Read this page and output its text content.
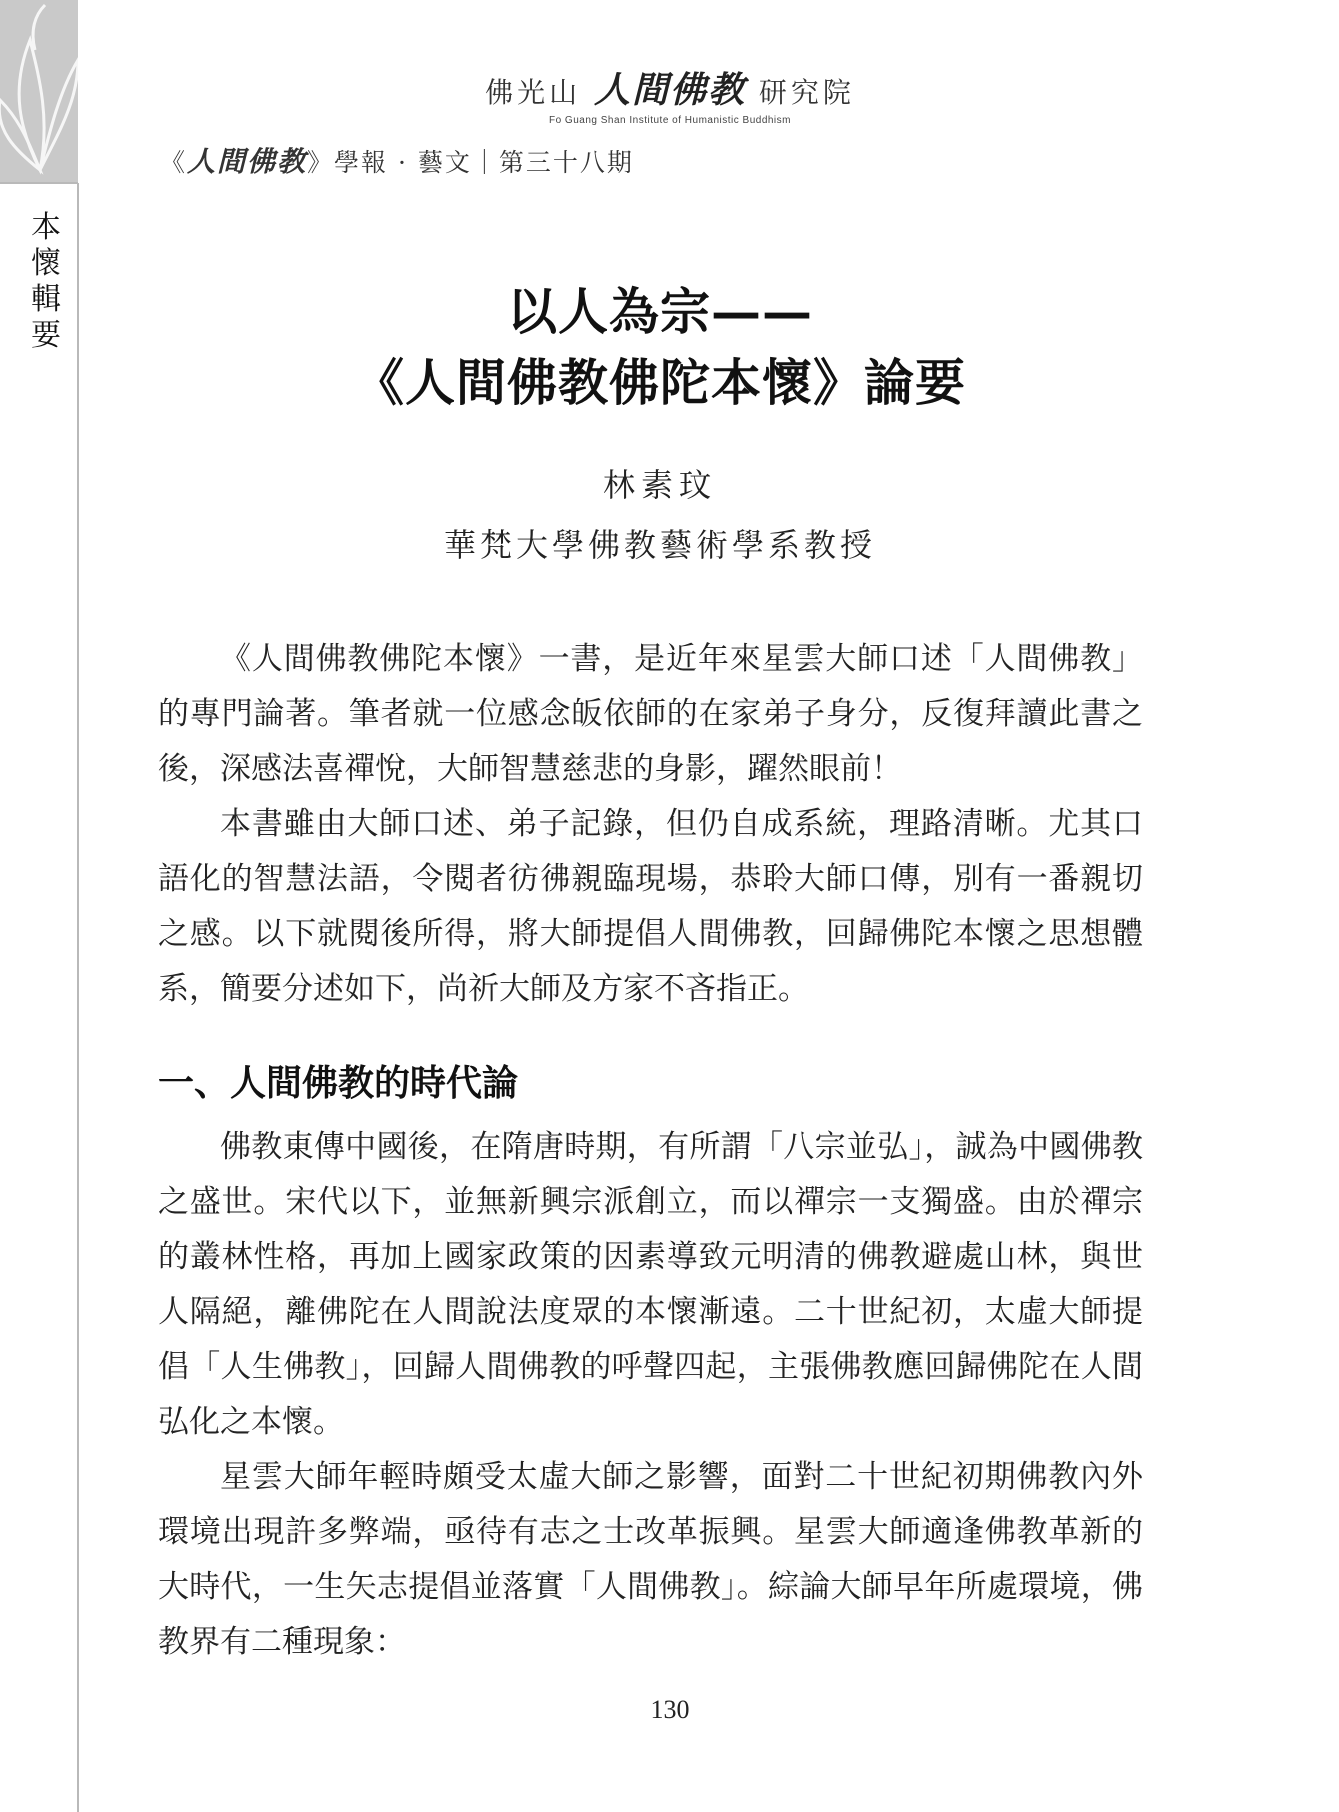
本懷輯要
佛光山 人間佛教 研究院
Fo Guang Shan Institute of Humanistic Buddhism
《人間佛教》學報 · 藝文｜第三十八期
以人為宗——
《人間佛教佛陀本懷》論要
林素玟
華梵大學佛教藝術學系教授

《人間佛教佛陀本懷》一書，是近年來星雲大師口述「人間佛教」的專門論著。筆者就一位感念皈依師的在家弟子身分，反復拜讀此書之後，深感法喜禪悅，大師智慧慈悲的身影，躍然眼前！

本書雖由大師口述、弟子記錄，但仍自成系統，理路清晰。尤其口語化的智慧法語，令閱者彷彿親臨現場，恭聆大師口傳，別有一番親切之感。以下就閱後所得，將大師提倡人間佛教，回歸佛陀本懷之思想體系，簡要分述如下，尚祈大師及方家不吝指正。

一、人間佛教的時代論

佛教東傳中國後，在隋唐時期，有所謂「八宗並弘」，誠為中國佛教之盛世。宋代以下，並無新興宗派創立，而以禪宗一支獨盛。由於禪宗的叢林性格，再加上國家政策的因素導致元明清的佛教避處山林，與世人隔絕，離佛陀在人間說法度眾的本懷漸遠。二十世紀初，太虛大師提倡「人生佛教」，回歸人間佛教的呼聲四起，主張佛教應回歸佛陀在人間弘化之本懷。

星雲大師年輕時頗受太虛大師之影響，面對二十世紀初期佛教內外環境出現許多弊端，亟待有志之士改革振興。星雲大師適逢佛教革新的大時代，一生矢志提倡並落實「人間佛教」。綜論大師早年所處環境，佛教界有二種現象：

130
